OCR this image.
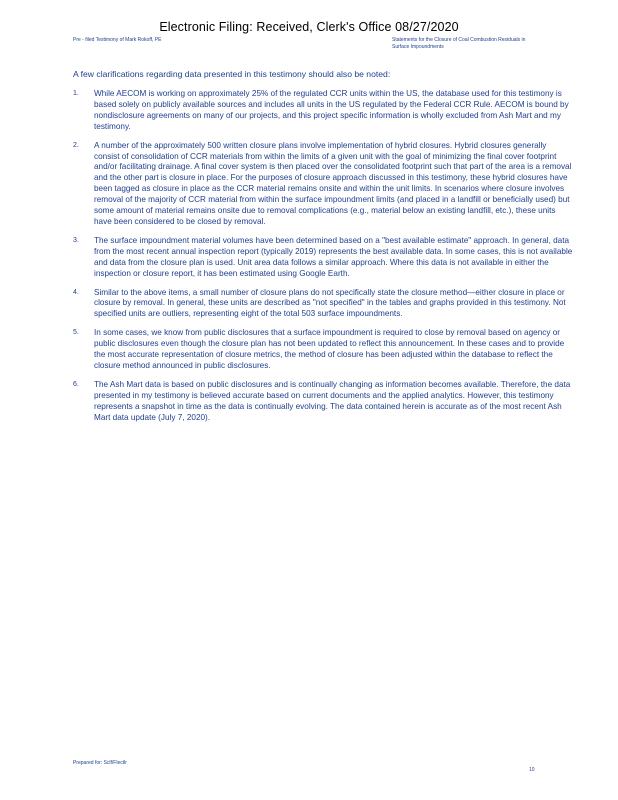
Electronic Filing: Received, Clerk's Office 08/27/2020
Pre - filed Testimony of Mark Rokoff, PE	Statements for the Closure of Coal Combustion Residuals in Surface Impoundments
A few clarifications regarding data presented in this testimony should also be noted:
1.	While AECOM is working on approximately 25% of the regulated CCR units within the US, the database used for this testimony is based solely on publicly available sources and includes all units in the US regulated by the Federal CCR Rule. AECOM is bound by nondisclosure agreements on many of our projects, and this project specific information is wholly excluded from Ash Mart and my testimony.
2.	A number of the approximately 500 written closure plans involve implementation of hybrid closures. Hybrid closures generally consist of consolidation of CCR materials from within the limits of a given unit with the goal of minimizing the final cover footprint and/or facilitating drainage. A final cover system is then placed over the consolidated footprint such that part of the area is a removal and the other part is closure in place. For the purposes of closure approach discussed in this testimony, these hybrid closures have been tagged as closure in place as the CCR material remains onsite and within the unit limits. In scenarios where closure involves removal of the majority of CCR material from within the surface impoundment limits (and placed in a landfill or beneficially used) but some amount of material remains onsite due to removal complications (e.g., material below an existing landfill, etc.), these units have been considered to be closed by removal.
3.	The surface impoundment material volumes have been determined based on a "best available estimate" approach. In general, data from the most recent annual inspection report (typically 2019) represents the best available data. In some cases, this is not available and data from the closure plan is used. Unit area data follows a similar approach. Where this data is not available in either the inspection or closure report, it has been estimated using Google Earth.
4.	Similar to the above items, a small number of closure plans do not specifically state the closure method—either closure in place or closure by removal. In general, these units are described as "not specified" in the tables and graphs provided in this testimony. Not specified units are outliers, representing eight of the total 503 surface impoundments.
5.	In some cases, we know from public disclosures that a surface impoundment is required to close by removal based on agency or public disclosures even though the closure plan has not been updated to reflect this announcement. In these cases and to provide the most accurate representation of closure metrics, the method of closure has been adjusted within the database to reflect the closure method announced in public disclosures.
6.	The Ash Mart data is based on public disclosures and is continually changing as information becomes available. Therefore, the data presented in my testimony is believed accurate based on current documents and the applied analytics. However, this testimony represents a snapshot in time as the data is continually evolving. The data contained herein is accurate as of the most recent Ash Mart data update (July 7, 2020).
Prepared for: Sclf/Flectlr
10
